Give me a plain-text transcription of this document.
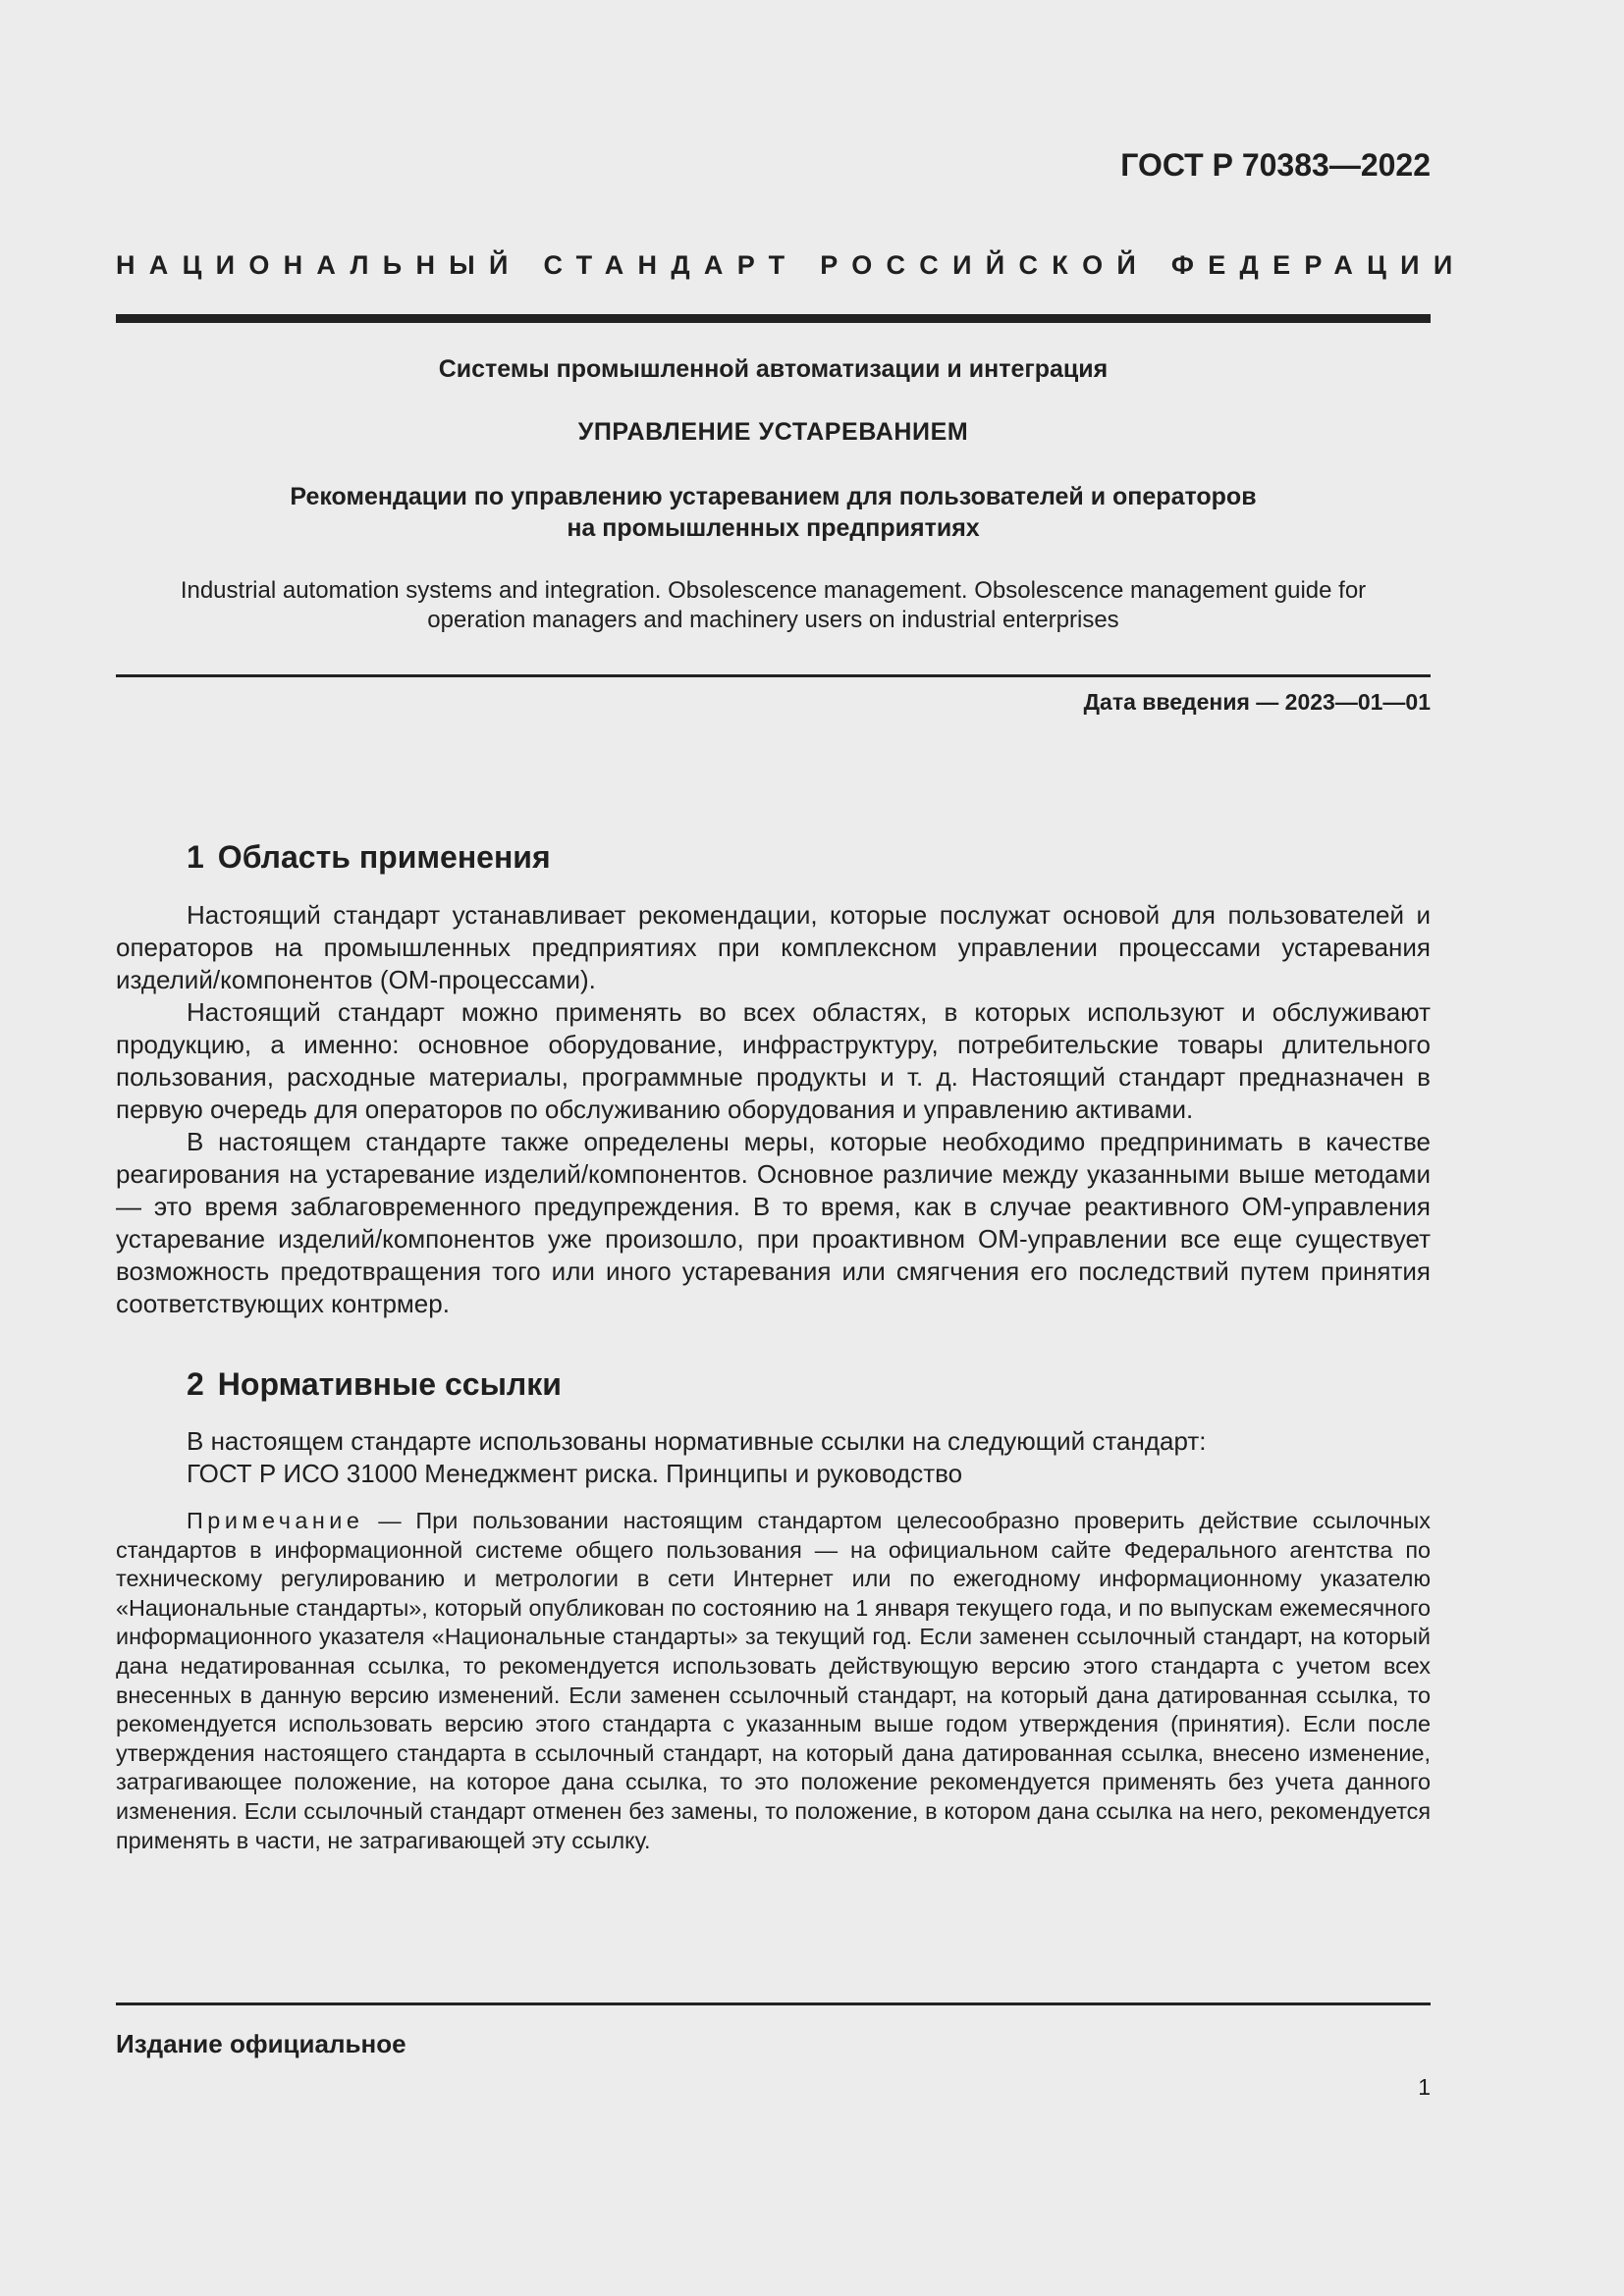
ГОСТ Р 70383—2022
НАЦИОНАЛЬНЫЙ СТАНДАРТ РОССИЙСКОЙ ФЕДЕРАЦИИ
Системы промышленной автоматизации и интеграция
УПРАВЛЕНИЕ УСТАРЕВАНИЕМ
Рекомендации по управлению устареванием для пользователей и операторов
на промышленных предприятиях
Industrial automation systems and integration. Obsolescence management. Obsolescence management guide for
operation managers and machinery users on industrial enterprises
Дата введения — 2023—01—01
1 Область применения

Настоящий стандарт устанавливает рекомендации, которые послужат основой для пользователей и операторов на промышленных предприятиях при комплексном управлении процессами устаревания изделий/компонентов (ОМ-процессами).

Настоящий стандарт можно применять во всех областях, в которых используют и обслуживают продукцию, а именно: основное оборудование, инфраструктуру, потребительские товары длительного пользования, расходные материалы, программные продукты и т. д. Настоящий стандарт предназначен в первую очередь для операторов по обслуживанию оборудования и управлению активами.

В настоящем стандарте также определены меры, которые необходимо предпринимать в качестве реагирования на устаревание изделий/компонентов. Основное различие между указанными выше методами — это время заблаговременного предупреждения. В то время, как в случае реактивного ОМ-управления устаревание изделий/компонентов уже произошло, при проактивном ОМ-управлении все еще существует возможность предотвращения того или иного устаревания или смягчения его последствий путем принятия соответствующих контрмер.

2 Нормативные ссылки

В настоящем стандарте использованы нормативные ссылки на следующий стандарт:

ГОСТ Р ИСО 31000 Менеджмент риска. Принципы и руководство

Примечание — При пользовании настоящим стандартом целесообразно проверить действие ссылочных стандартов в информационной системе общего пользования — на официальном сайте Федерального агентства по техническому регулированию и метрологии в сети Интернет или по ежегодному информационному указателю «Национальные стандарты», который опубликован по состоянию на 1 января текущего года, и по выпускам ежемесячного информационного указателя «Национальные стандарты» за текущий год. Если заменен ссылочный стандарт, на который дана недатированная ссылка, то рекомендуется использовать действующую версию этого стандарта с учетом всех внесенных в данную версию изменений. Если заменен ссылочный стандарт, на который дана датированная ссылка, то рекомендуется использовать версию этого стандарта с указанным выше годом утверждения (принятия). Если после утверждения настоящего стандарта в ссылочный стандарт, на который дана датированная ссылка, внесено изменение, затрагивающее положение, на которое дана ссылка, то это положение рекомендуется применять без учета данного изменения. Если ссылочный стандарт отменен без замены, то положение, в котором дана ссылка на него, рекомендуется применять в части, не затрагивающей эту ссылку.

Издание официальное
1
